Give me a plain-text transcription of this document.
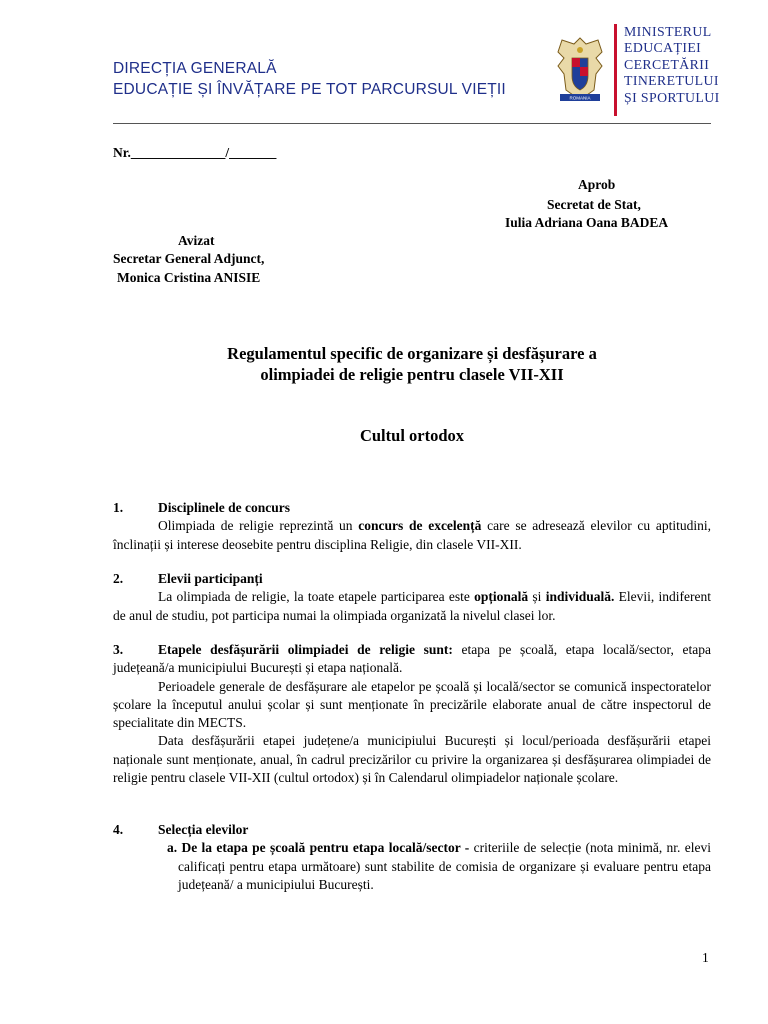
DIRECȚIA GENERALĂ
EDUCAȚIE ȘI ÎNVĂȚARE PE TOT PARCURSUL VIEȚII	ROMANIA
MINISTERUL
EDUCAȚIEI
CERCETĂRII
TINERETULUI
ȘI SPORTULUI
Nr.______________/_______
Aprob
Secretat de Stat,
Iulia Adriana Oana BADEA
Avizat
Secretar General Adjunct,
Monica Cristina ANISIE
Regulamentul specific de organizare și desfășurare a
olimpiadei de religie pentru clasele VII-XII
Cultul ortodox
1.	Disciplinele de concurs
Olimpiada de religie reprezintă un concurs de excelență care se adresează elevilor cu aptitudini, înclinații și interese deosebite pentru disciplina Religie, din clasele VII-XII.
2.	Elevii participanți
La olimpiada de religie, la toate etapele participarea este opțională și individuală. Elevii, indiferent de anul de studiu, pot participa numai la olimpiada organizată la nivelul clasei lor.
3.	Etapele desfășurării olimpiadei de religie sunt: etapa pe școală, etapa locală/sector, etapa județeană/a municipiului București și etapa națională.
Perioadele generale de desfășurare ale etapelor pe școală și locală/sector se comunică inspectoratelor școlare la începutul anului școlar și sunt menționate în precizările elaborate anual de către inspectorul de specialitate din MECTS.
Data desfășurării etapei județene/a municipiului București și locul/perioada desfășurării etapei naționale sunt menționate, anual, în cadrul precizărilor cu privire la organizarea și desfășurarea olimpiadei de religie pentru clasele VII-XII (cultul ortodox) și în Calendarul olimpiadelor naționale școlare.
4.	Selecția elevilor
a. De la etapa pe școală pentru etapa locală/sector - criteriile de selecție (nota minimă, nr. elevi calificați pentru etapa următoare) sunt stabilite de comisia de organizare și evaluare pentru etapa județeană/ a municipiului București.
1
